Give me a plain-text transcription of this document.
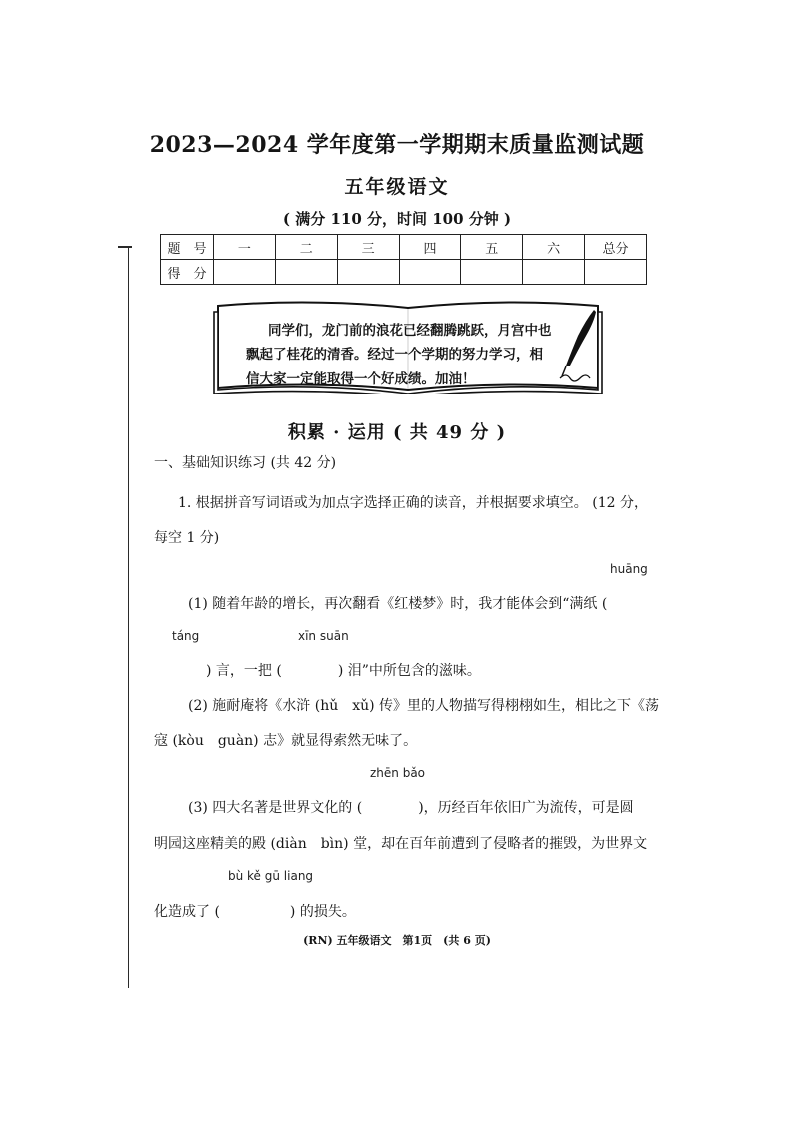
2023—2024 学年度第一学期期末质量监测试题
五年级语文
( 满分 110 分，时间 100 分钟 )
题　号	一	二	三	四	五	六	总分
得　分							
同学们，龙门前的浪花已经翻腾跳跃，月宫中也
飘起了桂花的清香。经过一个学期的努力学习，相
信大家一定能取得一个好成绩。加油！
积累 · 运用 ( 共 49 分 )
一、基础知识练习 (共 42 分)
1. 根据拼音写词语或为加点字选择正确的读音，并根据要求填空。 (12 分，
每空 1 分)
huāng
(1) 随着年龄的增长，再次翻看《红楼梦》时，我才能体会到“满纸 (
táng	xīn suān
) 言，一把 (　　　　) 泪”中所包含的滋味。
(2) 施耐庵将《水浒 (hǔ　xǔ) 传》里的人物描写得栩栩如生，相比之下《荡
寇 (kòu　guàn) 志》就显得索然无味了。
zhēn bǎo
(3) 四大名著是世界文化的 (　　　　)，历经百年依旧广为流传，可是圆
明园这座精美的殿 (diàn　bìn) 堂，却在百年前遭到了侵略者的摧毁，为世界文
bù kě gū liang
化造成了 (　　　　　) 的损失。
(RN) 五年级语文　第1页　(共 6 页)
